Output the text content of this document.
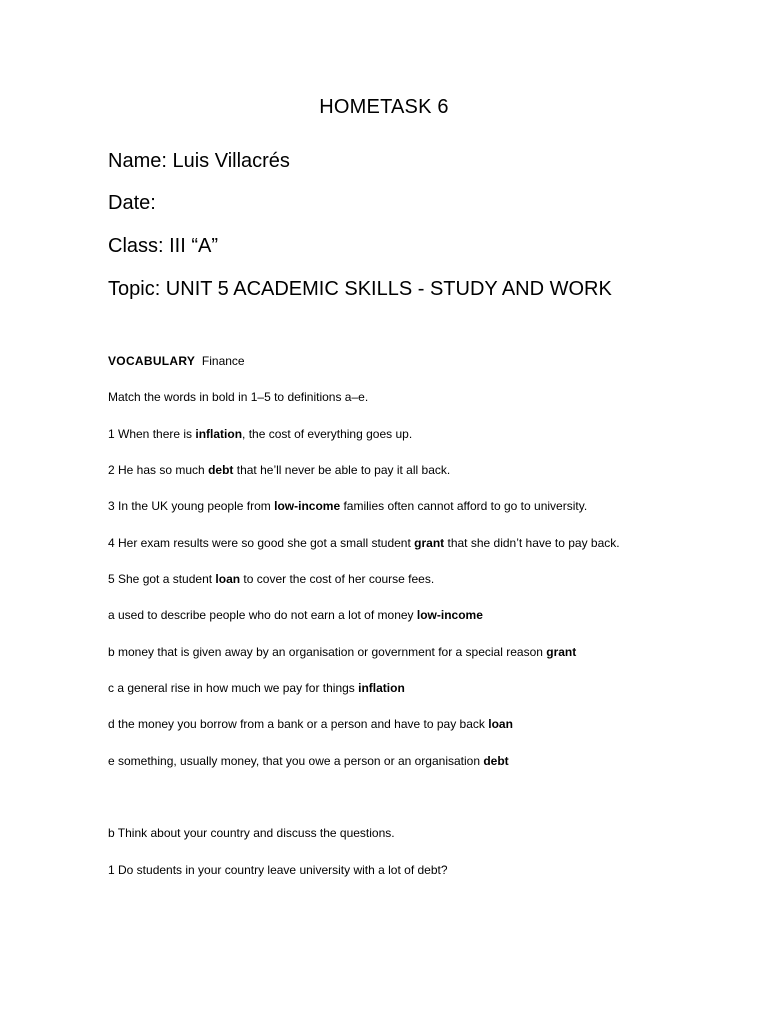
HOMETASK 6
Name: Luis Villacrés
Date:
Class: III “A”
Topic: UNIT 5 ACADEMIC SKILLS - STUDY AND WORK
VOCABULARY Finance
Match the words in bold in 1–5 to definitions a–e.
1 When there is inflation, the cost of everything goes up.
2 He has so much debt that he’ll never be able to pay it all back.
3 In the UK young people from low-income families often cannot afford to go to university.
4 Her exam results were so good she got a small student grant that she didn’t have to pay back.
5 She got a student loan to cover the cost of her course fees.
a used to describe people who do not earn a lot of money low-income
b money that is given away by an organisation or government for a special reason grant
c a general rise in how much we pay for things inflation
d the money you borrow from a bank or a person and have to pay back loan
e something, usually money, that you owe a person or an organisation debt
b Think about your country and discuss the questions.
1 Do students in your country leave university with a lot of debt?
